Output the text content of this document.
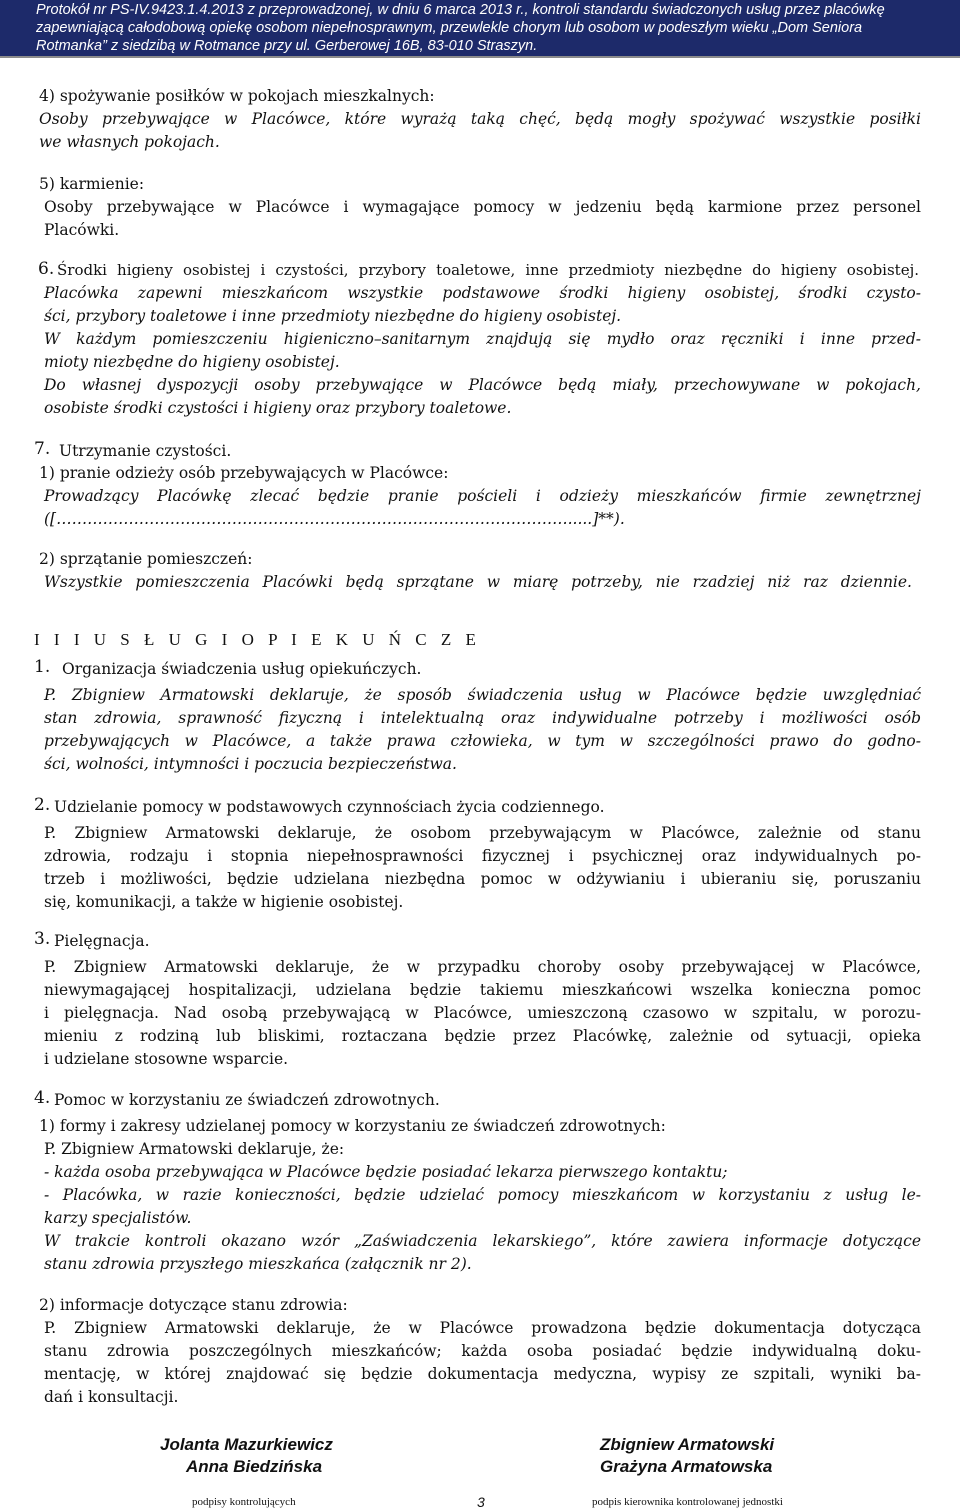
Protokół nr PS-IV.9423.1.4.2013 z przeprowadzonej, w dniu 6 marca 2013 r., kontroli standardu świadczonych usług przez placówkę
zapewniającą całodobową opiekę osobom niepełnosprawnym, przewlekle chorym lub osobom w podeszłym wieku „Dom Seniora
Rotmanka” z siedzibą w Rotmance przy ul. Gerberowej 16B, 83-010 Straszyn.
4) spożywanie posiłków w pokojach mieszkalnych:
Osoby przebywające w Placówce, które wyrażą taką chęć, będą mogły spożywać wszystkie posiłki
we własnych pokojach.
5) karmienie:
Osoby przebywające w Placówce i wymagające pomocy w jedzeniu będą karmione przez personel
Placówki.
6. Środki higieny osobistej i czystości, przybory toaletowe, inne przedmioty niezbędne do higieny osobistej.
Placówka zapewni mieszkańcom wszystkie podstawowe środki higieny osobistej, środki czysto-
ści, przybory toaletowe i inne przedmioty niezbędne do higieny osobistej.
W każdym pomieszczeniu higieniczno–sanitarnym znajdują się mydło oraz ręczniki i inne przed-
mioty niezbędne do higieny osobistej.
Do własnej dyspozycji osoby przebywające w Placówce będą miały, przechowywane w pokojach,
osobiste środki czystości i higieny oraz przybory toaletowe.
7. Utrzymanie czystości.
1) pranie odzieży osób przebywających w Placówce:
Prowadzący Placówkę zlecać będzie pranie pościeli i odzieży mieszkańców firmie zewnętrznej
([……………………………………………………………………………………….....]**).
2) sprzątanie pomieszczeń:
Wszystkie pomieszczenia Placówki będą sprzątane w miarę potrzeby, nie rzadziej niż raz dziennie.
I I I U S Ł U G I O P I E K U Ń C Z E
1. Organizacja świadczenia usług opiekuńczych.
P. Zbigniew Armatowski deklaruje, że sposób świadczenia usług w Placówce będzie uwzględniać
stan zdrowia, sprawność fizyczną i intelektualną oraz indywidualne potrzeby i możliwości osób
przebywających w Placówce, a także prawa człowieka, w tym w szczególności prawo do godno-
ści, wolności, intymności i poczucia bezpieczeństwa.
2. Udzielanie pomocy w podstawowych czynnościach życia codziennego.
P. Zbigniew Armatowski deklaruje, że osobom przebywającym w Placówce, zależnie od stanu
zdrowia, rodzaju i stopnia niepełnosprawności fizycznej i psychicznej oraz indywidualnych po-
trzeb i możliwości, będzie udzielana niezbędna pomoc w odżywianiu i ubieraniu się, poruszaniu
się, komunikacji, a także w higienie osobistej.
3. Pielęgnacja.
P. Zbigniew Armatowski deklaruje, że w przypadku choroby osoby przebywającej w Placówce,
niewymagającej hospitalizacji, udzielana będzie takiemu mieszkańcowi wszelka konieczna pomoc
i pielęgnacja. Nad osobą przebywającą w Placówce, umieszczoną czasowo w szpitalu, w porozu-
mieniu z rodziną lub bliskimi, roztaczana będzie przez Placówkę, zależnie od sytuacji, opieka
i udzielane stosowne wsparcie.
4. Pomoc w korzystaniu ze świadczeń zdrowotnych.
1) formy i zakresy udzielanej pomocy w korzystaniu ze świadczeń zdrowotnych:
P. Zbigniew Armatowski deklaruje, że:
- każda osoba przebywająca w Placówce będzie posiadać lekarza pierwszego kontaktu;
- Placówka, w razie konieczności, będzie udzielać pomocy mieszkańcom w korzystaniu z usług le-
karzy specjalistów.
W trakcie kontroli okazano wzór „Zaświadczenia lekarskiego”, które zawiera informacje dotyczące
stanu zdrowia przyszłego mieszkańca (załącznik nr 2).
2) informacje dotyczące stanu zdrowia:
P. Zbigniew Armatowski deklaruje, że w Placówce prowadzona będzie dokumentacja dotycząca
stanu zdrowia poszczególnych mieszkańców; każda osoba posiadać będzie indywidualną doku-
mentację, w której znajdować się będzie dokumentacja medyczna, wypisy ze szpitali, wyniki ba-
dań i konsultacji.
Jolanta Mazurkiewicz
Anna Biedzińska
podpisy kontrolujących
Zbigniew Armatowski
Grażyna Armatowska
podpis kierownika kontrolowanej jednostki
3
